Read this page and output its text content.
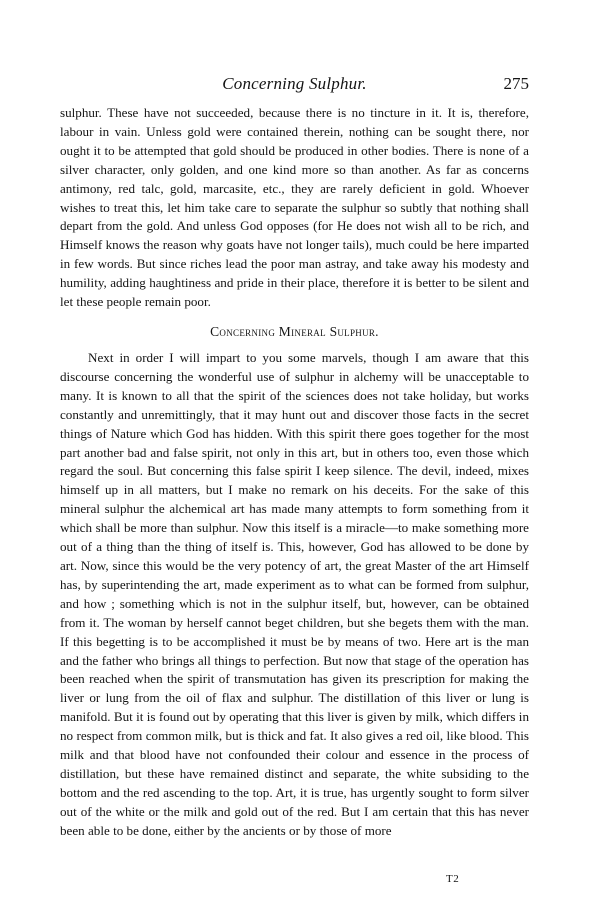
Concerning Sulphur.	275

sulphur. These have not succeeded, because there is no tincture in it. It is, therefore, labour in vain. Unless gold were contained therein, nothing can be sought there, nor ought it to be attempted that gold should be produced in other bodies. There is none of a silver character, only golden, and one kind more so than another. As far as concerns antimony, red talc, gold, marcasite, etc., they are rarely deficient in gold. Whoever wishes to treat this, let him take care to separate the sulphur so subtly that nothing shall depart from the gold. And unless God opposes (for He does not wish all to be rich, and Himself knows the reason why goats have not longer tails), much could be here imparted in few words. But since riches lead the poor man astray, and take away his modesty and humility, adding haughtiness and pride in their place, therefore it is better to be silent and let these people remain poor.

Concerning Mineral Sulphur.

Next in order I will impart to you some marvels, though I am aware that this discourse concerning the wonderful use of sulphur in alchemy will be unacceptable to many. It is known to all that the spirit of the sciences does not take holiday, but works constantly and unremittingly, that it may hunt out and discover those facts in the secret things of Nature which God has hidden. With this spirit there goes together for the most part another bad and false spirit, not only in this art, but in others too, even those which regard the soul. But concerning this false spirit I keep silence. The devil, indeed, mixes himself up in all matters, but I make no remark on his deceits. For the sake of this mineral sulphur the alchemical art has made many attempts to form something from it which shall be more than sulphur. Now this itself is a miracle—to make something more out of a thing than the thing of itself is. This, however, God has allowed to be done by art. Now, since this would be the very potency of art, the great Master of the art Himself has, by superintending the art, made experiment as to what can be formed from sulphur, and how ; something which is not in the sulphur itself, but, however, can be obtained from it. The woman by herself cannot beget children, but she begets them with the man. If this begetting is to be accomplished it must be by means of two. Here art is the man and the father who brings all things to perfection. But now that stage of the operation has been reached when the spirit of transmutation has given its prescription for making the liver or lung from the oil of flax and sulphur. The distillation of this liver or lung is manifold. But it is found out by operating that this liver is given by milk, which differs in no respect from common milk, but is thick and fat. It also gives a red oil, like blood. This milk and that blood have not confounded their colour and essence in the process of distillation, but these have remained distinct and separate, the white subsiding to the bottom and the red ascending to the top. Art, it is true, has urgently sought to form silver out of the white or the milk and gold out of the red. But I am certain that this has never been able to be done, either by the ancients or by those of more

T2
